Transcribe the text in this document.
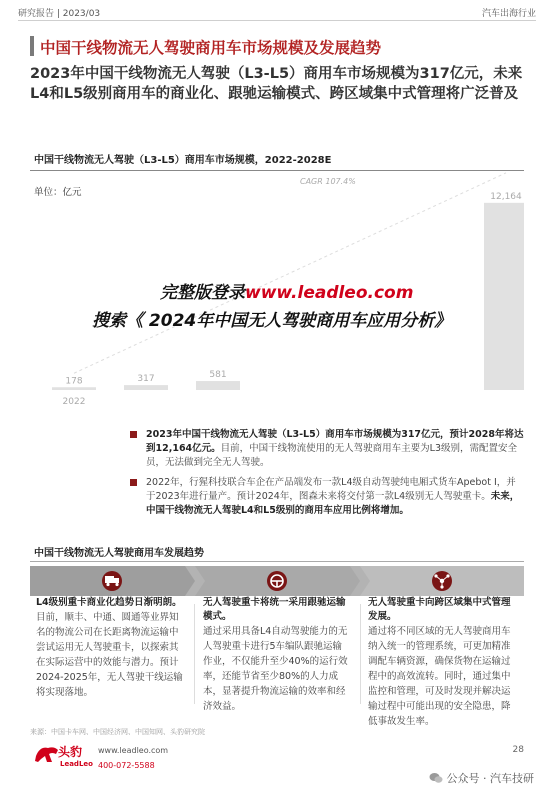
研究报告 | 2023/03	汽车出海行业
中国干线物流无人驾驶商用车市场规模及发展趋势
2023年中国干线物流无人驾驶（L3-L5）商用车市场规模为317亿元，未来L4和L5级别商用车的商业化、跟驰运输模式、跨区域集中式管理将广泛普及
中国干线物流无人驾驶（L3-L5）商用车市场规模，2022-2028E
单位：亿元
CAGR 107.4%
178	317	581
12,164
2022
完整版登录www.leadleo.com
搜索《 2024年中国无人驾驶商用车应用分析》
2023年中国干线物流无人驾驶（L3-L5）商用车市场规模为317亿元，预计2028年将达到12,164亿元。目前，中国干线物流使用的无人驾驶商用车主要为L3级别，需配置安全员，无法做到完全无人驾驶。
2022年，行猩科技联合车企在产品端发布一款L4级自动驾驶纯电厢式货车Apebot I，并于2023年进行量产。预计2024年，图森未来将交付第一款L4级别无人驾驶重卡。未来，中国干线物流无人驾驶L4和L5级别的商用车应用比例将增加。
中国干线物流无人驾驶商用车发展趋势
L4级别重卡商业化趋势日渐明朗。
目前，顺丰、中通、圆通等业界知名的物流公司在长距离物流运输中尝试运用无人驾驶重卡，以探索其在实际运营中的效能与潜力。预计2024-2025年，无人驾驶干线运输将实现落地。
无人驾驶重卡将统一采用跟驰运输模式。
通过采用具备L4自动驾驶能力的无人驾驶重卡进行5车编队跟驰运输作业，不仅能升至少40%的运行效率，还能节省至少80%的人力成本，显著提升物流运输的效率和经济效益。
无人驾驶重卡向跨区域集中式管理发展。
通过将不同区域的无人驾驶商用车纳入统一的管理系统，可更加精准调配车辆资源，确保货物在运输过程中的高效流转。同时，通过集中监控和管理，可及时发现并解决运输过程中可能出现的安全隐患，降低事故发生率。
来源：中国卡车网、中国经济网、中国知网、头豹研究院
头豹
LeadLeo
www.leadleo.com
400-072-5588
28
公众号 · 汽车技研
